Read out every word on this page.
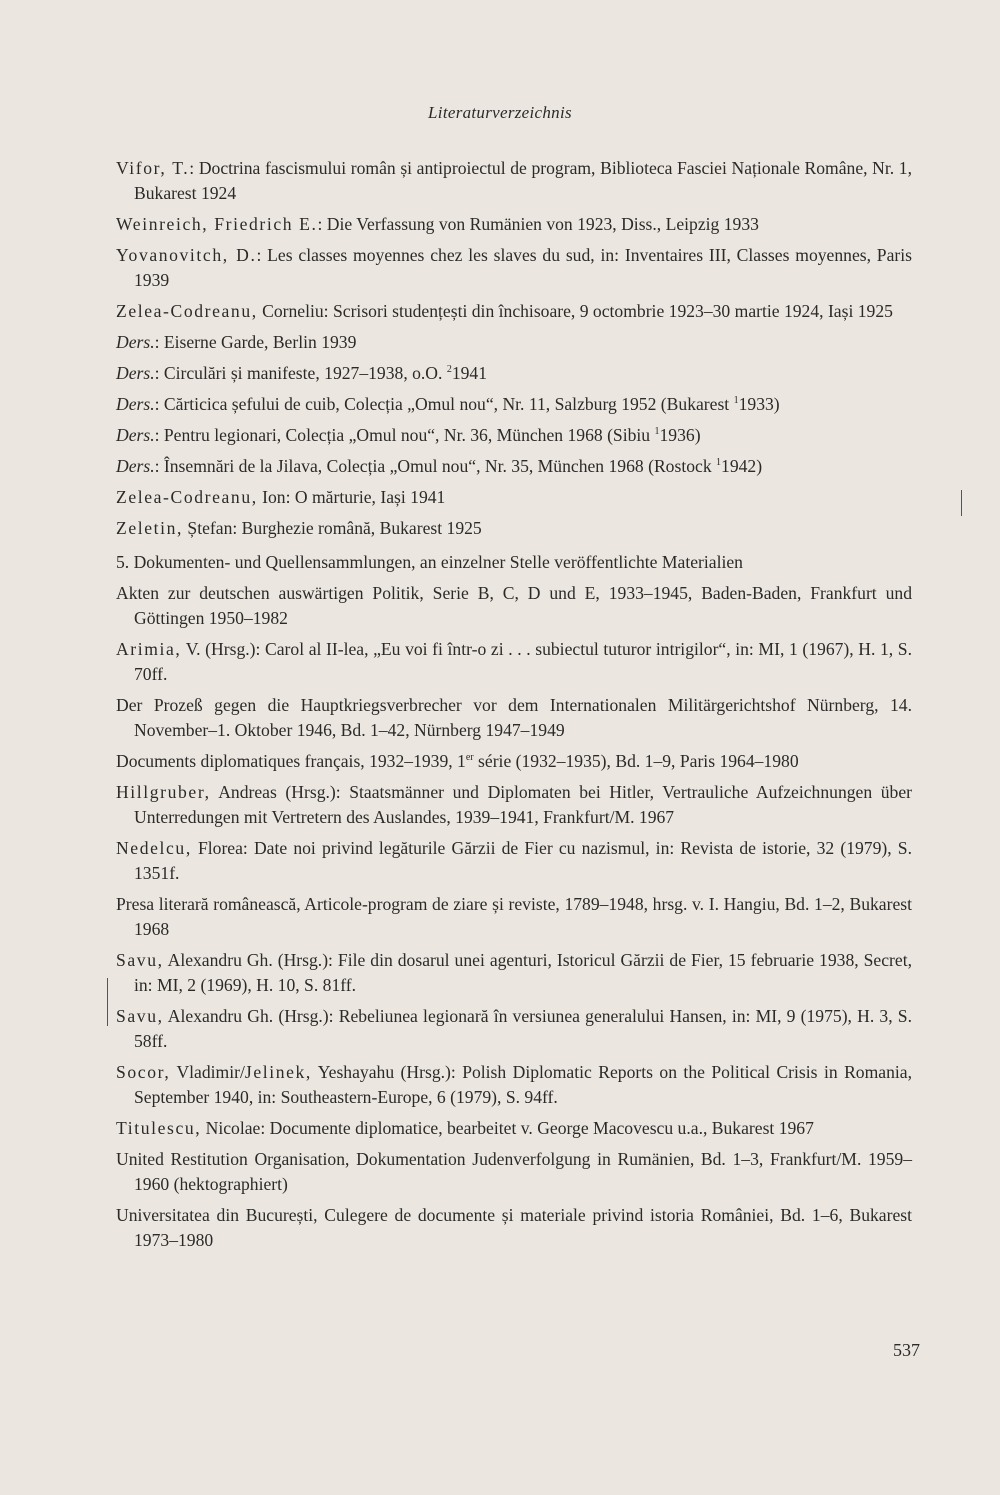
Literaturverzeichnis

Vifor, T.: Doctrina fascismului român și antiproiectul de program, Biblioteca Fasciei Naționale Române, Nr. 1, Bukarest 1924

Weinreich, Friedrich E.: Die Verfassung von Rumänien von 1923, Diss., Leipzig 1933

Yovanovitch, D.: Les classes moyennes chez les slaves du sud, in: Inventaires III, Classes moyennes, Paris 1939

Zelea-Codreanu, Corneliu: Scrisori studențești din închisoare, 9 octombrie 1923–30 martie 1924, Iași 1925

Ders.: Eiserne Garde, Berlin 1939

Ders.: Circulări și manifeste, 1927–1938, o.O. $^2$1941

Ders.: Cărticica șefului de cuib, Colecția „Omul nou“, Nr. 11, Salzburg 1952 (Bukarest $^1$1933)

Ders.: Pentru legionari, Colecția „Omul nou“, Nr. 36, München 1968 (Sibiu $^1$1936)

Ders.: Însemnări de la Jilava, Colecția „Omul nou“, Nr. 35, München 1968 (Rostock $^1$1942)

Zelea-Codreanu, Ion: O mărturie, Iași 1941

Zeletin, Ștefan: Burghezie română, Bukarest 1925

5. Dokumenten- und Quellensammlungen, an einzelner Stelle veröffentlichte Materialien

Akten zur deutschen auswärtigen Politik, Serie B, C, D und E, 1933–1945, Baden-Baden, Frankfurt und Göttingen 1950–1982

Arimia, V. (Hrsg.): Carol al II-lea, „Eu voi fi într-o zi . . . subiectul tuturor intrigilor“, in: MI, 1 (1967), H. 1, S. 70ff.

Der Prozeß gegen die Hauptkriegsverbrecher vor dem Internationalen Militärgerichtshof Nürnberg, 14. November–1. Oktober 1946, Bd. 1–42, Nürnberg 1947–1949

Documents diplomatiques français, 1932–1939, 1er série (1932–1935), Bd. 1–9, Paris 1964–1980

Hillgruber, Andreas (Hrsg.): Staatsmänner und Diplomaten bei Hitler, Vertrauliche Aufzeichnungen über Unterredungen mit Vertretern des Auslandes, 1939–1941, Frankfurt/M. 1967

Nedelcu, Florea: Date noi privind legăturile Gărzii de Fier cu nazismul, in: Revista de istorie, 32 (1979), S. 1351f.

Presa literară românească, Articole-program de ziare și reviste, 1789–1948, hrsg. v. I. Hangiu, Bd. 1–2, Bukarest 1968

Savu, Alexandru Gh. (Hrsg.): File din dosarul unei agenturi, Istoricul Gărzii de Fier, 15 februarie 1938, Secret, in: MI, 2 (1969), H. 10, S. 81ff.

Savu, Alexandru Gh. (Hrsg.): Rebeliunea legionară în versiunea generalului Hansen, in: MI, 9 (1975), H. 3, S. 58ff.

Socor, Vladimir/Jelinek, Yeshayahu (Hrsg.): Polish Diplomatic Reports on the Political Crisis in Romania, September 1940, in: Southeastern-Europe, 6 (1979), S. 94ff.

Titulescu, Nicolae: Documente diplomatice, bearbeitet v. George Macovescu u.a., Bukarest 1967

United Restitution Organisation, Dokumentation Judenverfolgung in Rumänien, Bd. 1–3, Frankfurt/M. 1959–1960 (hektographiert)

Universitatea din București, Culegere de documente și materiale privind istoria României, Bd. 1–6, Bukarest 1973–1980

537
